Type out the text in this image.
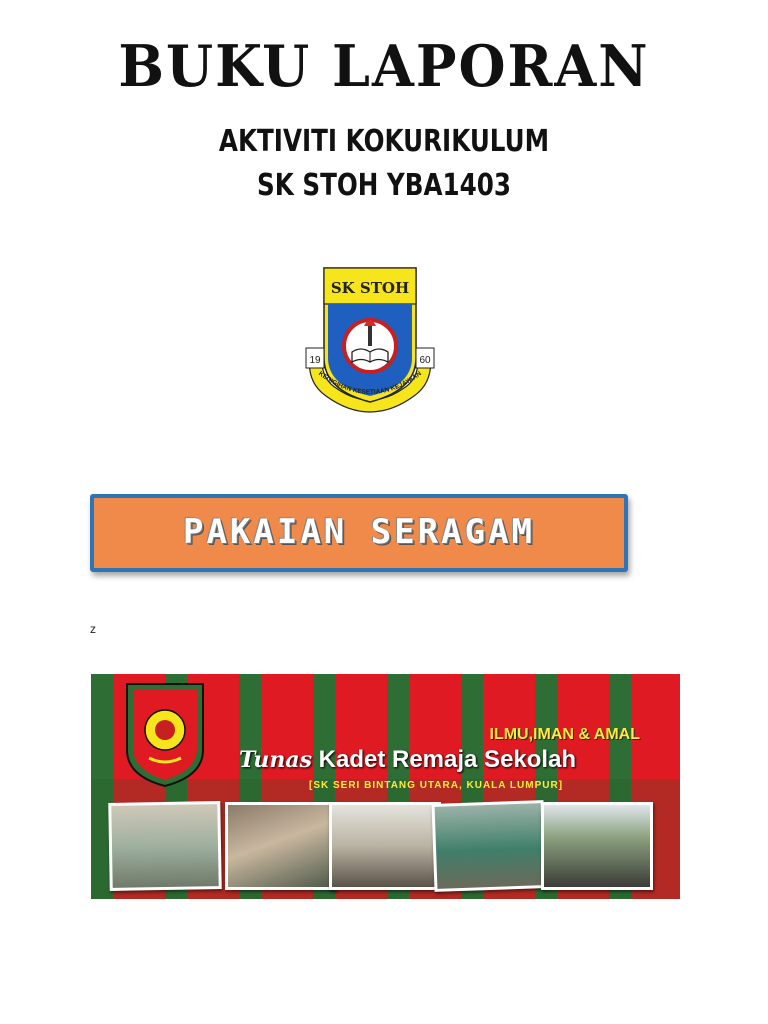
BUKU LAPORAN
AKTIVITI KOKURIKULUM
SK STOH YBA1403
SK STOH
19	60
KEGIGIHAN KESETIAAN KEJAYAAN
PAKAIAN SERAGAM
z
ILMU,IMAN & AMAL
Tunas Kadet Remaja Sekolah
[SK SERI BINTANG UTARA, KUALA LUMPUR]
